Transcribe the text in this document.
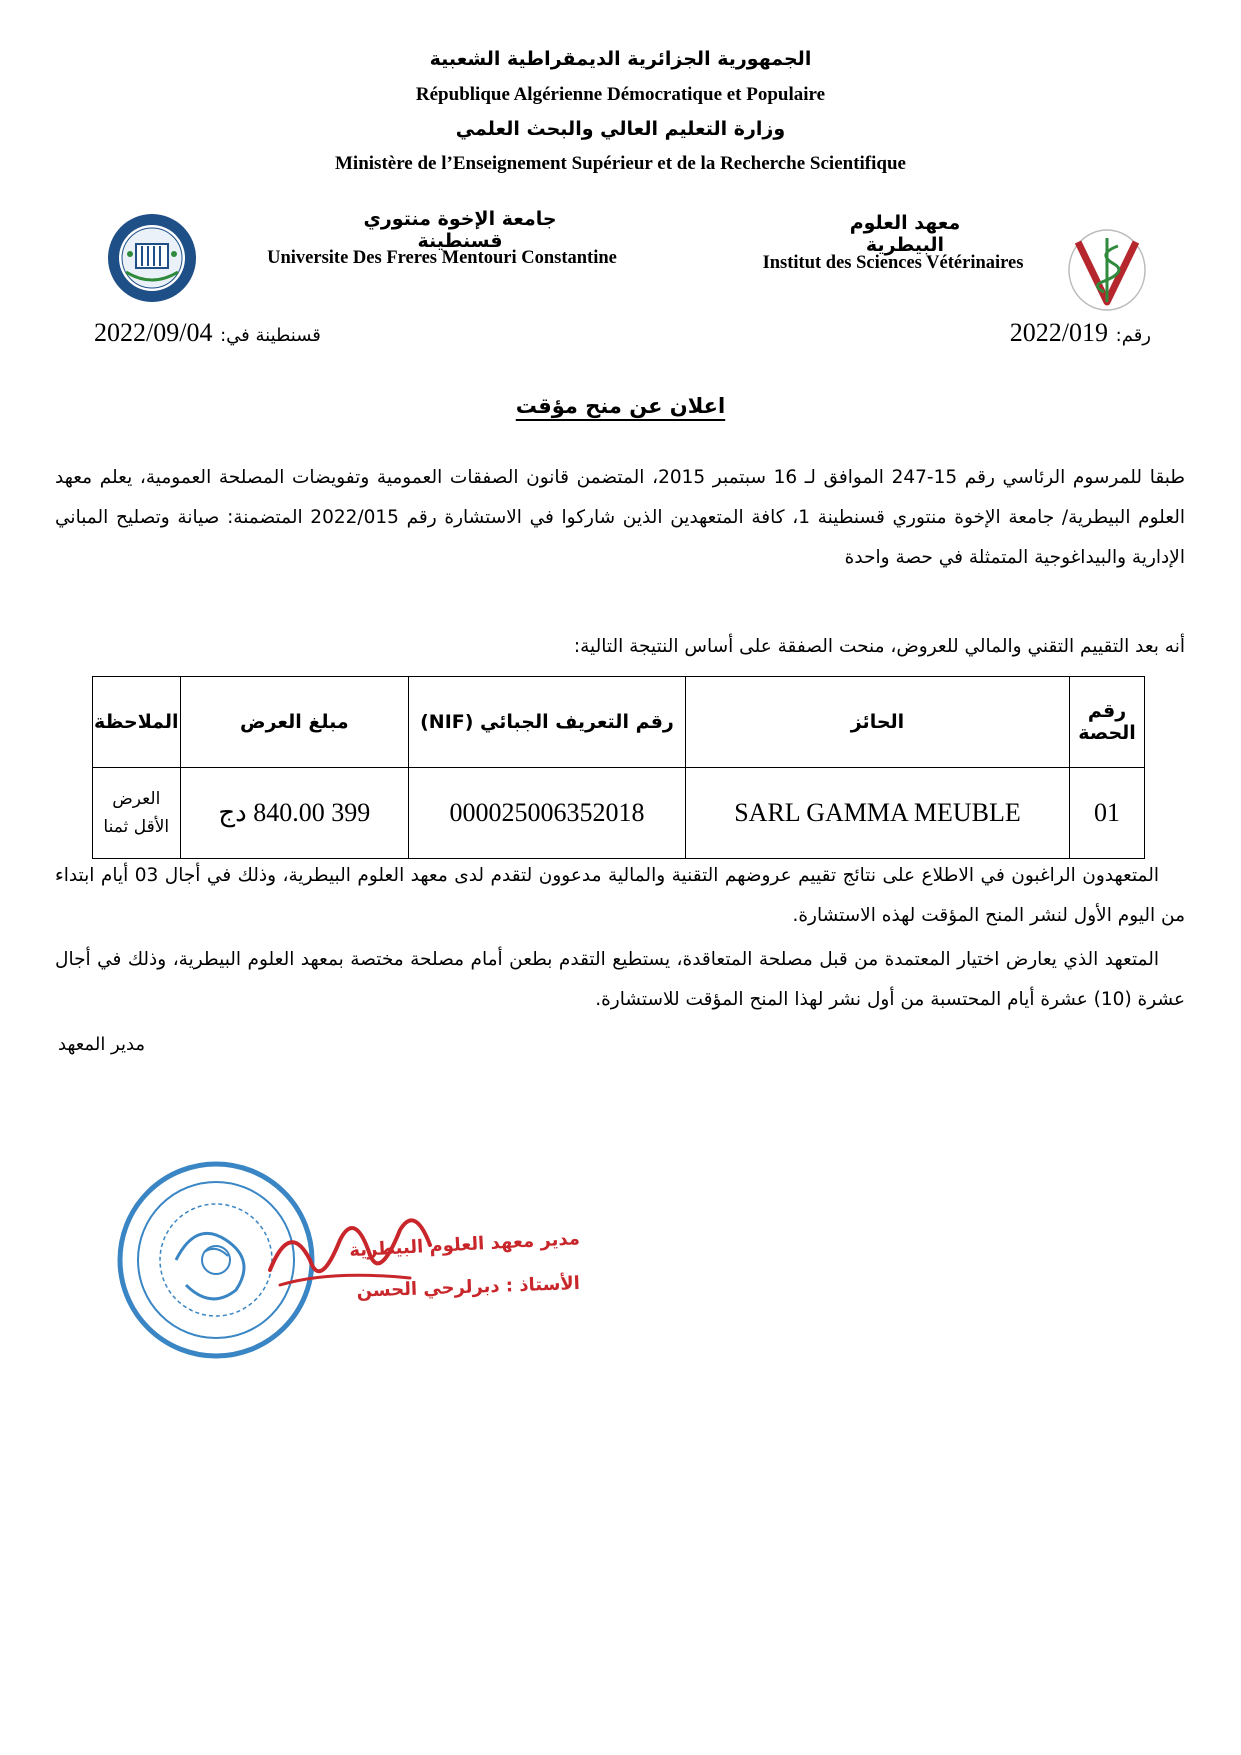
الجمهورية الجزائرية الديمقراطية الشعبية
République Algérienne Démocratique et Populaire
وزارة التعليم العالي والبحث العلمي
Ministère de l’Enseignement Supérieur et de la Recherche Scientifique
جامعة الإخوة منتوري قسنطينة
Universite Des Freres Mentouri Constantine
معهد العلوم البيطرية
Institut des Sciences Vétérinaires
رقم: 2022/019
قسنطينة في: 2022/09/04
اعلان عن منح مؤقت
طبقا للمرسوم الرئاسي رقم 15-247 الموافق لـ 16 سبتمبر 2015، المتضمن قانون الصفقات العمومية وتفويضات المصلحة العمومية، يعلم معهد العلوم البيطرية/ جامعة الإخوة منتوري قسنطينة 1، كافة المتعهدين الذين شاركوا في الاستشارة رقم 2022/015 المتضمنة: صيانة وتصليح المباني الإدارية والبيداغوجية المتمثلة في حصة واحدة
أنه بعد التقييم التقني والمالي للعروض، منحت الصفقة على أساس النتيجة التالية:
رقم الحصة	الحائز	رقم التعريف الجبائي (NIF)	مبلغ العرض	الملاحظة
01	SARL GAMMA MEUBLE	000025006352018	399 840.00 دج	العرض الأقل ثمنا
المتعهدون الراغبون في الاطلاع على نتائج تقييم عروضهم التقنية والمالية مدعوون لتقدم لدى معهد العلوم البيطرية، وذلك في أجال 03 أيام ابتداء من اليوم الأول لنشر المنح المؤقت لهذه الاستشارة.
المتعهد الذي يعارض اختيار المعتمدة من قبل مصلحة المتعاقدة، يستطيع التقدم بطعن أمام مصلحة مختصة بمعهد العلوم البيطرية، وذلك في أجال عشرة (10) عشرة أيام المحتسبة من أول نشر لهذا المنح المؤقت للاستشارة.
مدير المعهد
مدير معهد العلوم البيطرية
الأستاذ : دبرلرحي الحسن
